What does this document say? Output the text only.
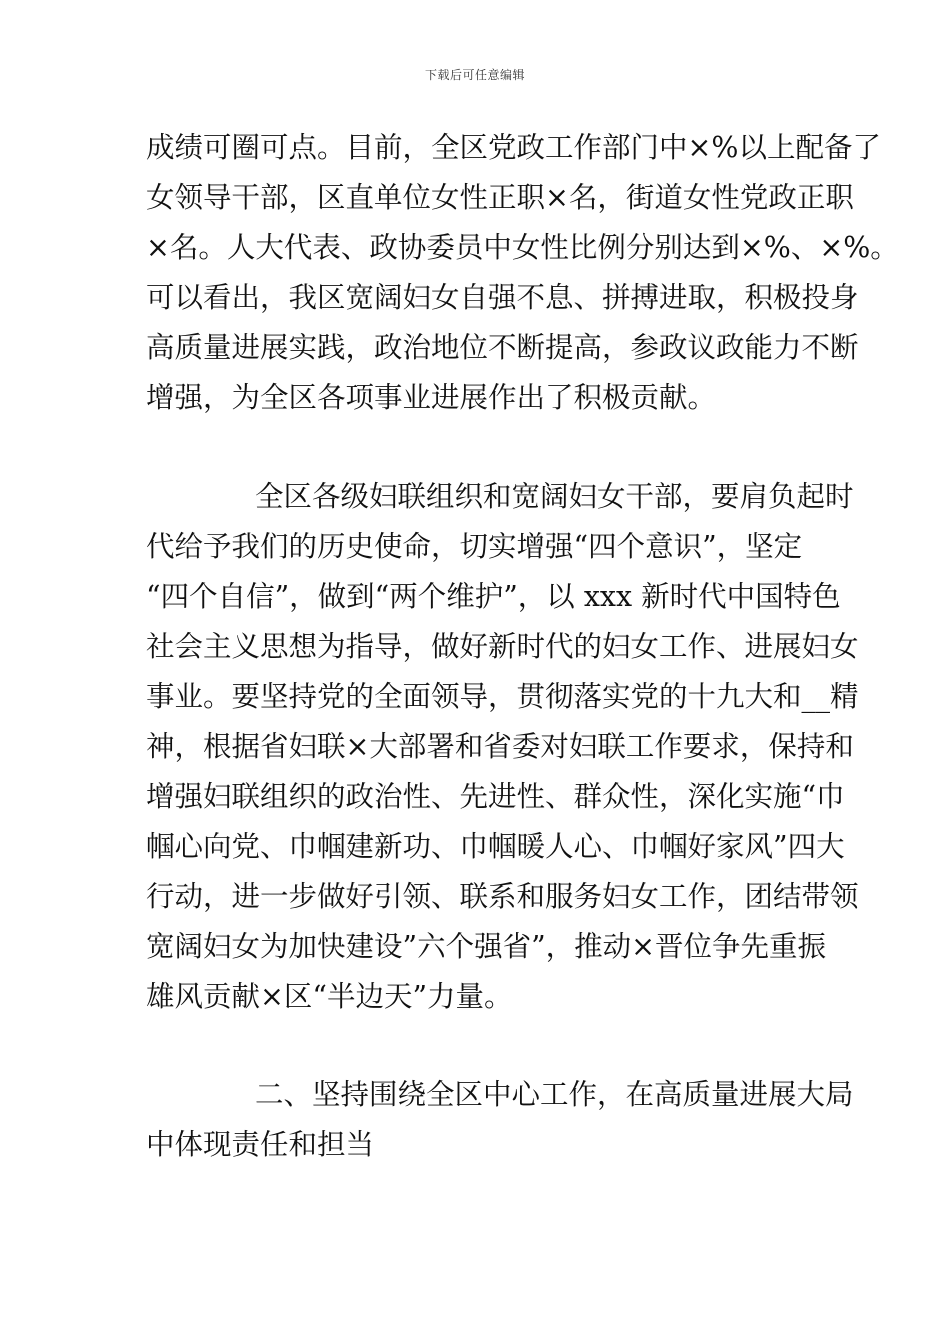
下载后可任意编辑
成绩可圈可点。目前，全区党政工作部门中×%以上配备了
女领导干部，区直单位女性正职×名，街道女性党政正职
×名。人大代表、政协委员中女性比例分别达到×%、×%。
可以看出，我区宽阔妇女自强不息、拼搏进取，积极投身
高质量进展实践，政治地位不断提高，参政议政能力不断
增强，为全区各项事业进展作出了积极贡献。
全区各级妇联组织和宽阔妇女干部，要肩负起时
代给予我们的历史使命，切实增强“四个意识”，坚定
“四个自信”，做到“两个维护”，以 xxx 新时代中国特色
社会主义思想为指导，做好新时代的妇女工作、进展妇女
事业。要坚持党的全面领导，贯彻落实党的十九大和__精
神，根据省妇联×大部署和省委对妇联工作要求，保持和
增强妇联组织的政治性、先进性、群众性，深化实施“巾
帼心向党、巾帼建新功、巾帼暖人心、巾帼好家风”四大
行动，进一步做好引领、联系和服务妇女工作，团结带领
宽阔妇女为加快建设”六个强省”，推动×晋位争先重振
雄风贡献×区“半边天”力量。
二、坚持围绕全区中心工作，在高质量进展大局
中体现责任和担当
